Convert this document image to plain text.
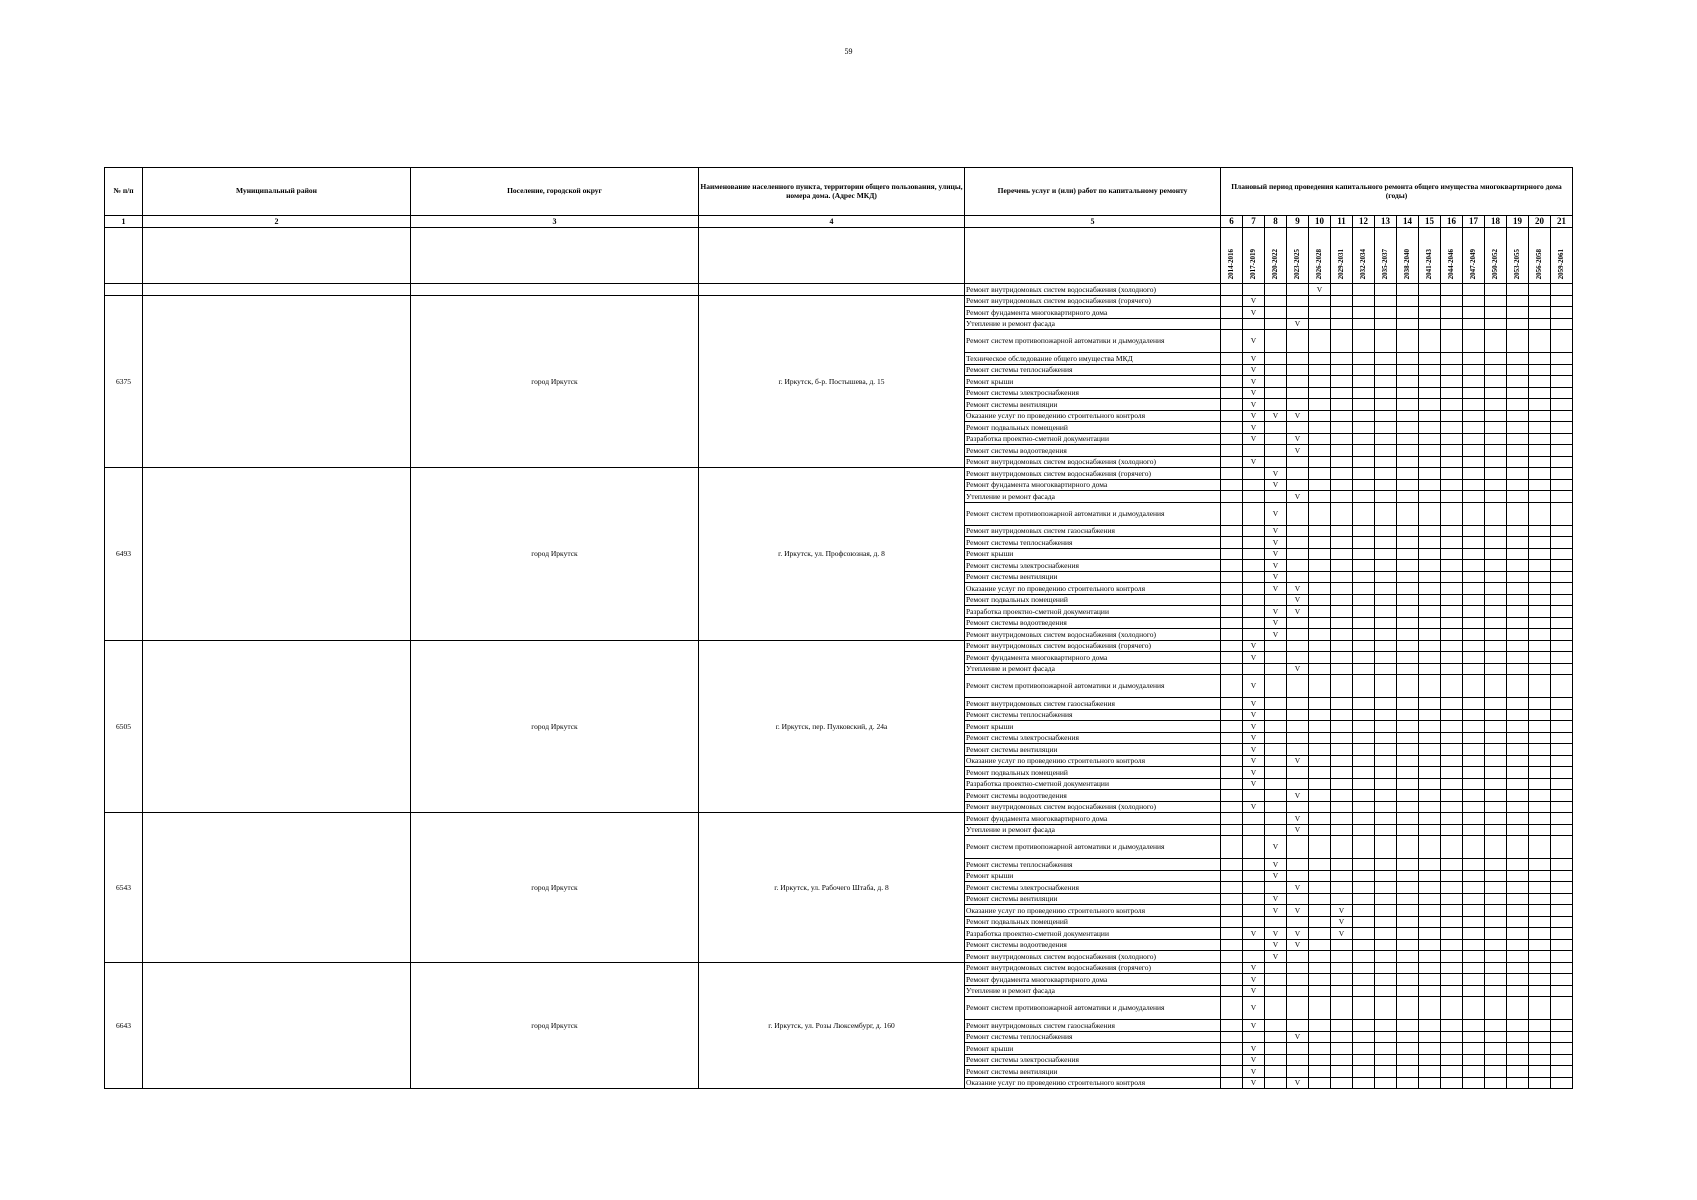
59
№ п/п	Муниципальный район	Поселение, городской округ	Наименование населенного пункта, территории общего пользования, улицы, номера дома. (Адрес МКД)	Перечень услуг и (или) работ по капитальному ремонту	Плановый период проведения капитального ремонта общего имущества многоквартирного дома (годы)															
1	2	3	4	5	6	7	8	9	10	11	12	13	14	15	16	17	18	19	20	21
					2014-2016	2017-2019	2020-2022	2023-2025	2026-2028	2029-2031	2032-2034	2035-2037	2038-2040	2041-2043	2044-2046	2047-2049	2050-2052	2053-2055	2056-2058	2059-2061
				Ремонт внутридомовых систем водоснабжения (холодного)					V											
6375		город Иркутск	г. Иркутск, б-р. Постышева, д. 15	Ремонт внутридомовых систем водоснабжения (горячего)		V														
				Ремонт фундамента многоквартирного дома		V														
				Утепление и ремонт фасада				V												
				Ремонт систем противопожарной автоматики и дымоудаления		V														
				Техническое обследование общего имущества МКД		V														
				Ремонт системы теплоснабжения		V														
				Ремонт крыши		V														
				Ремонт системы электроснабжения		V														
				Ремонт системы вентиляции		V														
				Оказание услуг по проведению строительного контроля		V	V	V												
				Ремонт подвальных помещений		V														
				Разработка проектно-сметной документации		V		V												
				Ремонт системы водоотведения				V												
				Ремонт внутридомовых систем водоснабжения (холодного)		V														
6493		город Иркутск	г. Иркутск, ул. Профсоюзная, д. 8	Ремонт внутридомовых систем водоснабжения (горячего)			V													
				Ремонт фундамента многоквартирного дома			V													
				Утепление и ремонт фасада				V												
				Ремонт систем противопожарной автоматики и дымоудаления			V													
				Ремонт внутридомовых систем газоснабжения			V													
				Ремонт системы теплоснабжения			V													
				Ремонт крыши			V													
				Ремонт системы электроснабжения			V													
				Ремонт системы вентиляции			V													
				Оказание услуг по проведению строительного контроля			V	V												
				Ремонт подвальных помещений				V												
				Разработка проектно-сметной документации			V	V												
				Ремонт системы водоотведения			V													
				Ремонт внутридомовых систем водоснабжения (холодного)			V													
6505		город Иркутск	г. Иркутск, пер. Пулковский, д. 24а	Ремонт внутридомовых систем водоснабжения (горячего)		V														
				Ремонт фундамента многоквартирного дома		V														
				Утепление и ремонт фасада				V												
				Ремонт систем противопожарной автоматики и дымоудаления		V														
				Ремонт внутридомовых систем газоснабжения		V														
				Ремонт системы теплоснабжения		V														
				Ремонт крыши		V														
				Ремонт системы электроснабжения		V														
				Ремонт системы вентиляции		V														
				Оказание услуг по проведению строительного контроля		V		V												
				Ремонт подвальных помещений		V														
				Разработка проектно-сметной документации		V														
				Ремонт системы водоотведения				V												
				Ремонт внутридомовых систем водоснабжения (холодного)		V														
6543		город Иркутск	г. Иркутск, ул. Рабочего Штаба, д. 8	Ремонт фундамента многоквартирного дома				V												
				Утепление и ремонт фасада				V												
				Ремонт систем противопожарной автоматики и дымоудаления			V													
				Ремонт системы теплоснабжения			V													
				Ремонт крыши			V													
				Ремонт системы электроснабжения				V												
				Ремонт системы вентиляции			V													
				Оказание услуг по проведению строительного контроля			V	V		V										
				Ремонт подвальных помещений						V										
				Разработка проектно-сметной документации		V	V	V		V										
				Ремонт системы водоотведения			V	V												
				Ремонт внутридомовых систем водоснабжения (холодного)			V													
6643		город Иркутск	г. Иркутск, ул. Розы Люксембург, д. 160	Ремонт внутридомовых систем водоснабжения (горячего)		V														
				Ремонт фундамента многоквартирного дома		V														
				Утепление и ремонт фасада		V														
				Ремонт систем противопожарной автоматики и дымоудаления		V														
				Ремонт внутридомовых систем газоснабжения		V														
				Ремонт системы теплоснабжения				V												
				Ремонт крыши		V														
				Ремонт системы электроснабжения		V														
				Ремонт системы вентиляции		V														
				Оказание услуг по проведению строительного контроля		V		V												
